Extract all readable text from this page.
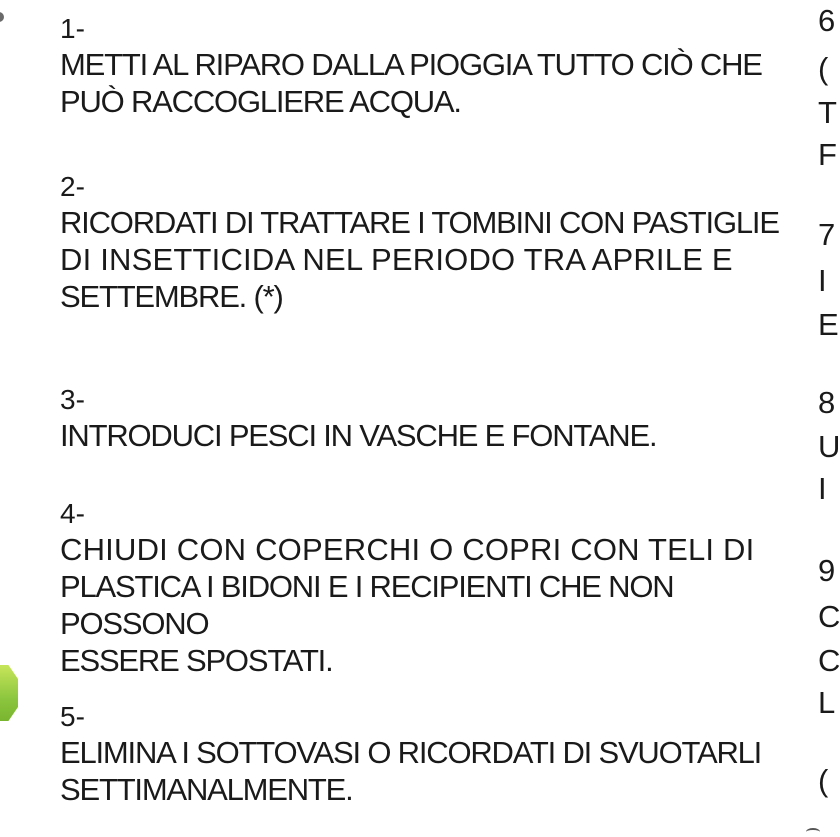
1-
METTI AL RIPARO DALLA PIOGGIA TUTTO CIÒ CHE
PUÒ RACCOGLIERE ACQUA.
2-
RICORDATI DI TRATTARE I TOMBINI CON PASTIGLIE
DI INSETTICIDA NEL PERIODO TRA APRILE E
SETTEMBRE. (*)
3-
INTRODUCI PESCI IN VASCHE E FONTANE.
4-
CHIUDI CON COPERCHI O COPRI CON TELI DI
PLASTICA I BIDONI E I RECIPIENTI CHE NON POSSONO
ESSERE SPOSTATI.
5-
ELIMINA I SOTTOVASI O RICORDATI DI SVUOTARLI
SETTIMANALMENTE.
6
(
T
F
7
I
E
8
U
I
9
C
C
L
(
